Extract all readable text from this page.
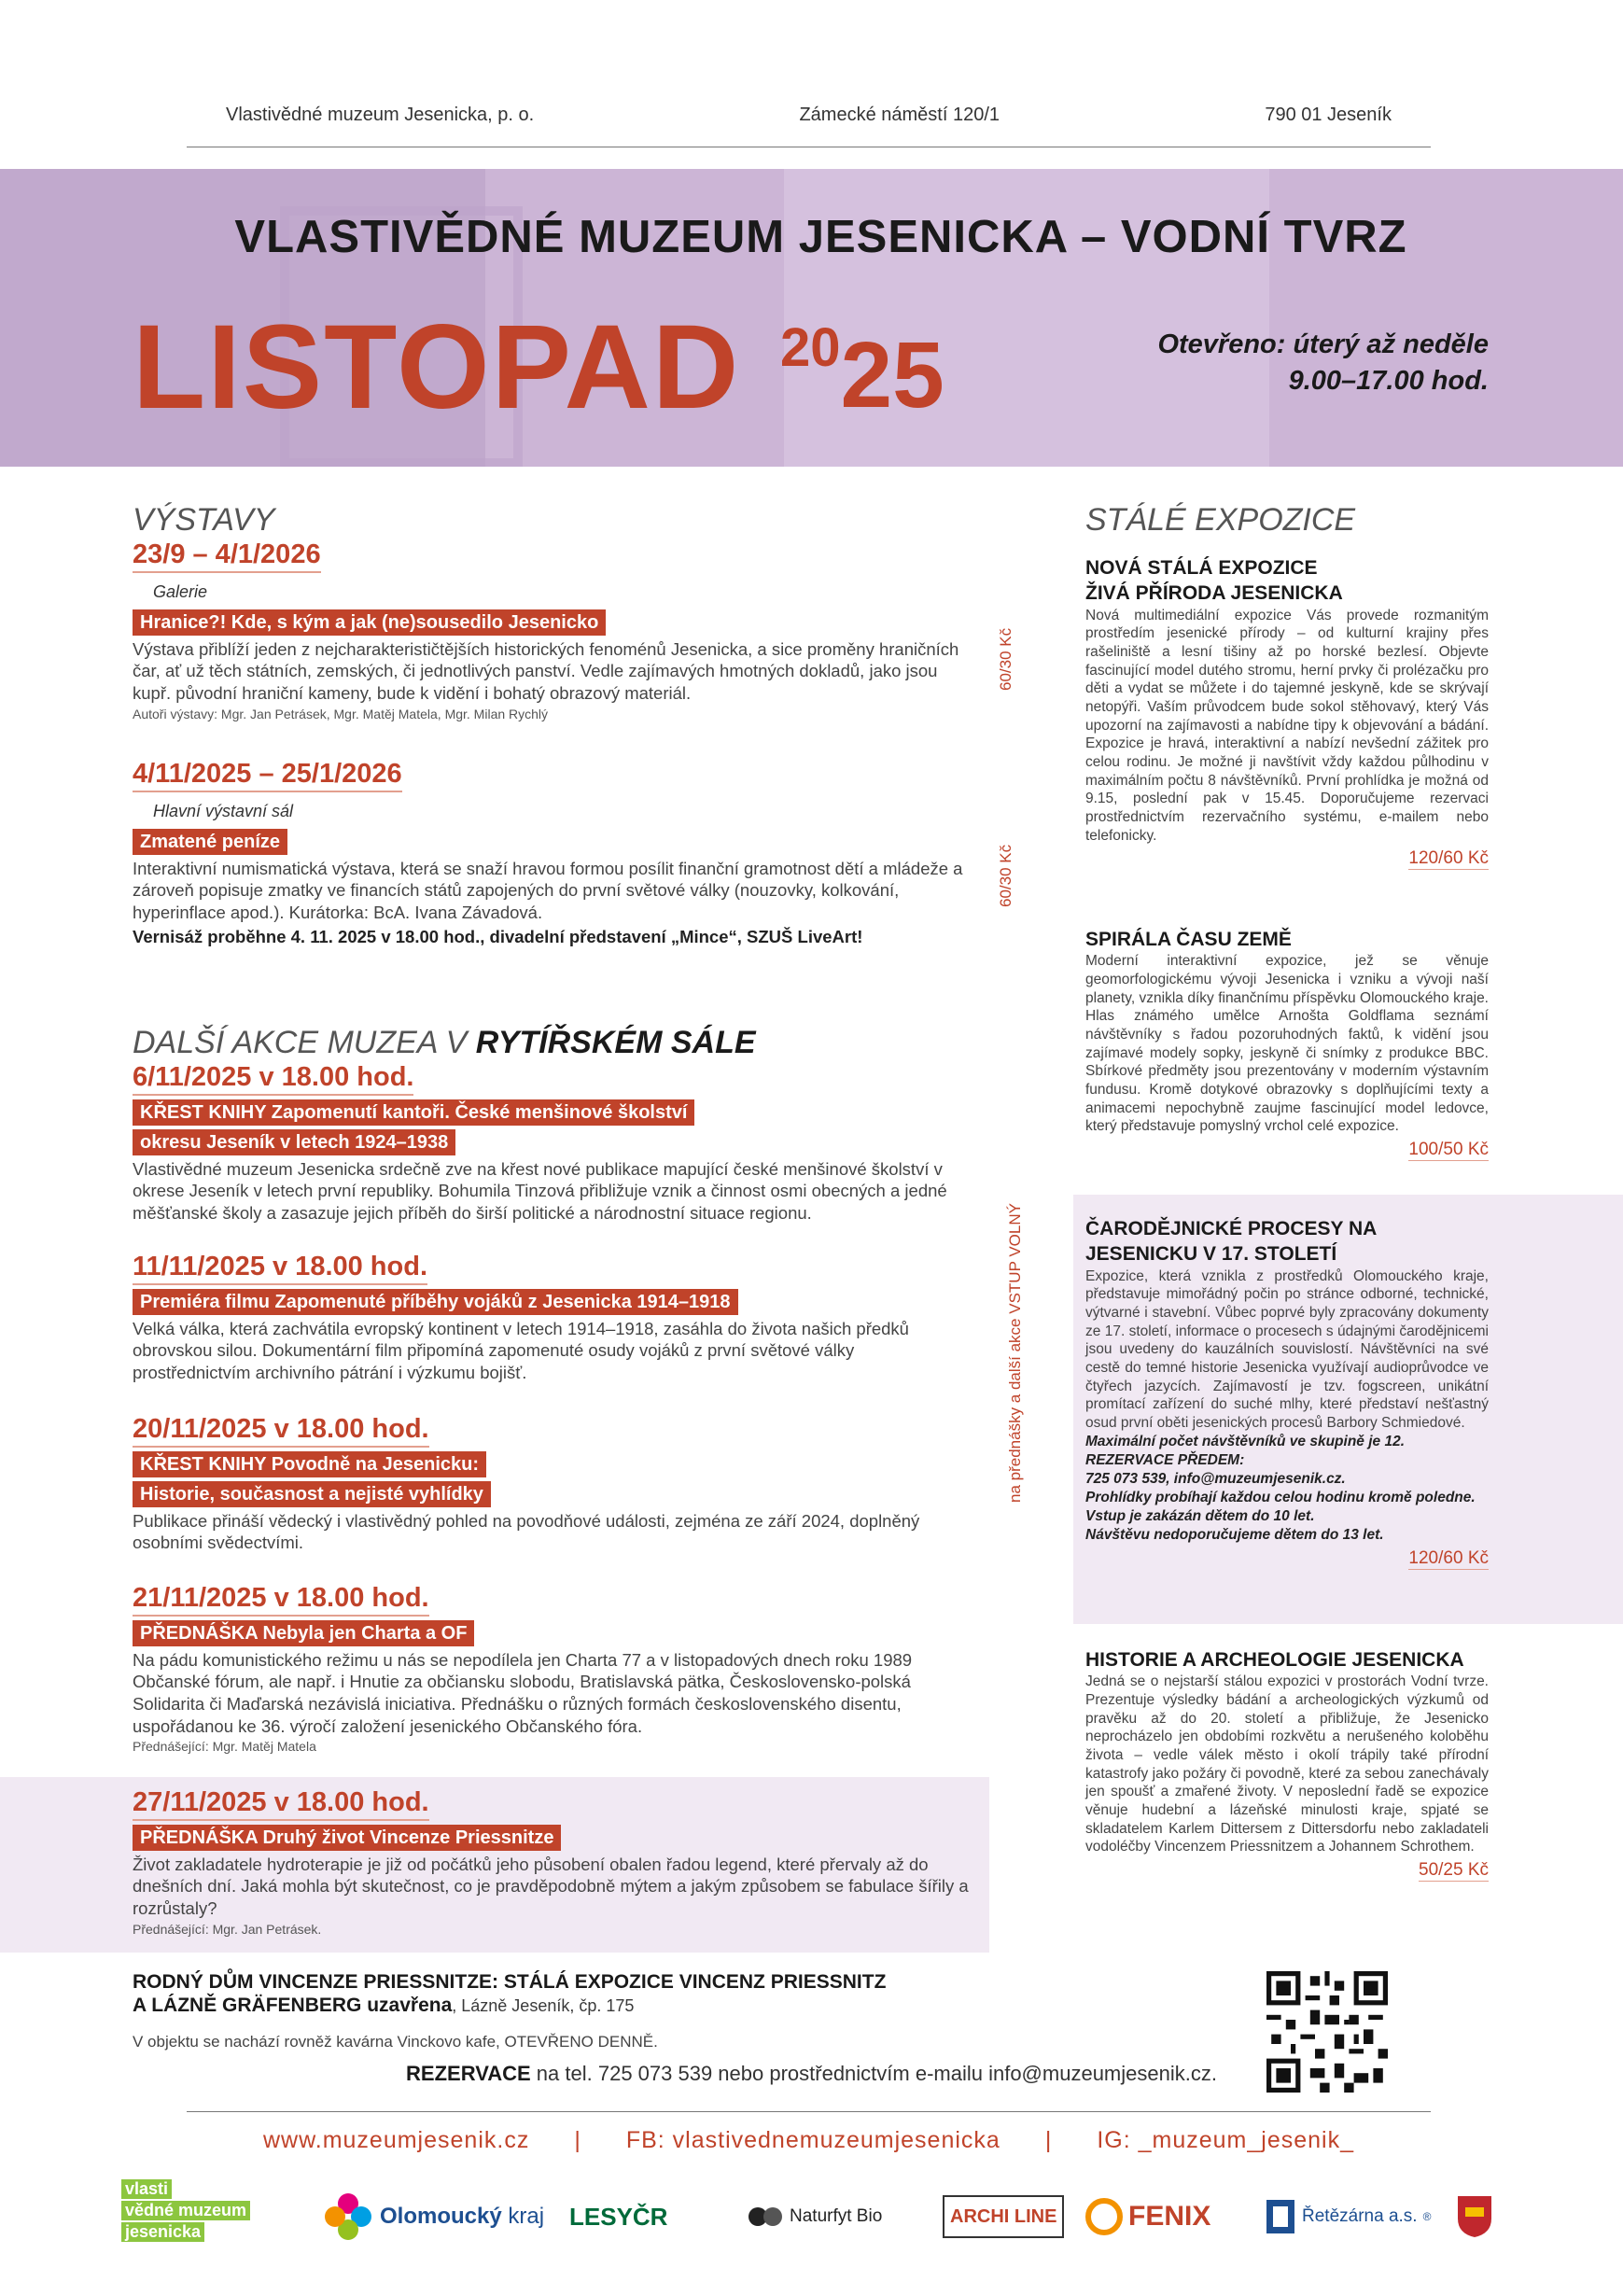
Vlastivědné muzeum Jesenicka, p. o.	Zámecké náměstí 120/1	790 01 Jeseník
VLASTIVĚDNÉ MUZEUM JESENICKA – VODNÍ TVRZ
LISTOPAD $^{20}$25	Otevřeno: úterý až neděle
9.00–17.00 hod.
VÝSTAVY
23/9 – 4/1/2026
Galerie
Hranice?! Kde, s kým a jak (ne)sousedilo Jesenicko
Výstava přiblíží jeden z nejcharakterističtějších historických fenoménů Jesenicka, a sice proměny hraničních čar, ať už těch státních, zemských, či jednotlivých panství. Vedle zajímavých hmotných dokladů, jako jsou kupř. původní hraniční kameny, bude k vidění i bohatý obrazový materiál.
Autoři výstavy: Mgr. Jan Petrásek, Mgr. Matěj Matela, Mgr. Milan Rychlý
60/30 Kč
4/11/2025 – 25/1/2026
Hlavní výstavní sál
Zmatené peníze
Interaktivní numismatická výstava, která se snaží hravou formou posílit finanční gramotnost dětí a mládeže a zároveň popisuje zmatky ve financích států zapojených do první světové války (nouzovky, kolkování, hyperinflace apod.). Kurátorka: BcA. Ivana Závadová.
Vernisáž proběhne 4. 11. 2025 v 18.00 hod., divadelní představení „Mince“, SZUŠ LiveArt!
60/30 Kč
DALŠÍ AKCE MUZEA V RYTÍŘSKÉM SÁLE
6/11/2025 v 18.00 hod.
KŘEST KNIHY Zapomenutí kantoři. České menšinové školství
okresu Jeseník v letech 1924–1938
Vlastivědné muzeum Jesenicka srdečně zve na křest nové publikace mapující české menšinové školství v okrese Jeseník v letech první republiky. Bohumila Tinzová přibližuje vznik a činnost osmi obecných a jedné měšťanské školy a zasazuje jejich příběh do širší politické a národnostní situace regionu.
11/11/2025 v 18.00 hod.
Premiéra filmu Zapomenuté příběhy vojáků z Jesenicka 1914–1918
Velká válka, která zachvátila evropský kontinent v letech 1914–1918, zasáhla do života našich předků obrovskou silou. Dokumentární film připomíná zapomenuté osudy vojáků z první světové války prostřednictvím archivního pátrání i výzkumu bojišť.
20/11/2025 v 18.00 hod.
KŘEST KNIHY Povodně na Jesenicku:
Historie, současnost a nejisté vyhlídky
Publikace přináší vědecký i vlastivědný pohled na povodňové události, zejména ze září 2024, doplněný osobními svědectvími.
21/11/2025 v 18.00 hod.
PŘEDNÁŠKA Nebyla jen Charta a OF
Na pádu komunistického režimu u nás se nepodílela jen Charta 77 a v listopadových dnech roku 1989 Občanské fórum, ale např. i Hnutie za občiansku slobodu, Bratislavská pätka, Československo-polská Solidarita či Maďarská nezávislá iniciativa. Přednášku o různých formách československého disentu, uspořádanou ke 36. výročí založení jesenického Občanského fóra.
Přednášející: Mgr. Matěj Matela
27/11/2025 v 18.00 hod.
PŘEDNÁŠKA Druhý život Vincenze Priessnitze
Život zakladatele hydroterapie je již od počátků jeho působení obalen řadou legend, které přervaly až do dnešních dní. Jaká mohla být skutečnost, co je pravděpodobně mýtem a jakým způsobem se fabulace šířily a rozrůstaly?
Přednášející: Mgr. Jan Petrásek.
na přednášky a další akce VSTUP VOLNÝ
STÁLÉ EXPOZICE
NOVÁ STÁLÁ EXPOZICE
ŽIVÁ PŘÍRODA JESENICKA
Nová multimediální expozice Vás provede rozmanitým prostředím jesenické přírody – od kulturní krajiny přes rašeliniště a lesní tišiny až po horské bezlesí. Objevte fascinující model dutého stromu, herní prvky či prolézačku pro děti a vydat se můžete i do tajemné jeskyně, kde se skrývají netopýři. Vaším průvodcem bude sokol stěhovavý, který Vás upozorní na zajímavosti a nabídne tipy k objevování a bádání. Expozice je hravá, interaktivní a nabízí nevšední zážitek pro celou rodinu. Je možné ji navštívit vždy každou půlhodinu v maximálním počtu 8 návštěvníků. První prohlídka je možná od 9.15, poslední pak v 15.45. Doporučujeme rezervaci prostřednictvím rezervačního systému, e-mailem nebo telefonicky.
120/60 Kč
SPIRÁLA ČASU ZEMĚ
Moderní interaktivní expozice, jež se věnuje geomorfologickému vývoji Jesenicka i vzniku a vývoji naší planety, vznikla díky finančnímu příspěvku Olomouckého kraje. Hlas známého umělce Arnošta Goldflama seznámí návštěvníky s řadou pozoruhodných faktů, k vidění jsou zajímavé modely sopky, jeskyně či snímky z produkce BBC. Sbírkové předměty jsou prezentovány v moderním výstavním fundusu. Kromě dotykové obrazovky s doplňujícími texty a animacemi nepochybně zaujme fascinující model ledovce, který představuje pomyslný vrchol celé expozice.
100/50 Kč
ČARODĚJNICKÉ PROCESY NA
JESENICKU V 17. STOLETÍ
Expozice, která vznikla z prostředků Olomouckého kraje, představuje mimořádný počin po stránce odborné, technické, výtvarné i stavební. Vůbec poprvé byly zpracovány dokumenty ze 17. století, informace o procesech s údajnými čarodějnicemi jsou uvedeny do kauzálních souvislostí. Návštěvníci na své cestě do temné historie Jesenicka využívají audioprůvodce ve čtyřech jazycích. Zajímavostí je tzv. fogscreen, unikátní promítací zařízení do suché mlhy, které představí nešťastný osud první oběti jesenických procesů Barbory Schmiedové.
Maximální počet návštěvníků ve skupině je 12.
REZERVACE PŘEDEM:
725 073 539, info@muzeumjesenik.cz.
Prohlídky probíhají každou celou hodinu kromě poledne.
Vstup je zakázán dětem do 10 let.
Návštěvu nedoporučujeme dětem do 13 let.
120/60 Kč
HISTORIE A ARCHEOLOGIE JESENICKA
Jedná se o nejstarší stálou expozici v prostorách Vodní tvrze. Prezentuje výsledky bádání a archeologických výzkumů od pravěku až do 20. století a přibližuje, že Jesenicko neprocházelo jen obdobími rozkvětu a nerušeného koloběhu života – vedle válek město i okolí trápily také přírodní katastrofy jako požáry či povodně, které za sebou zanechávaly jen spoušť a zmařené životy. V neposlední řadě se expozice věnuje hudební a lázeňské minulosti kraje, spjaté se skladatelem Karlem Dittersem z Dittersdorfu nebo zakladateli vodoléčby Vincenzem Priessnitzem a Johannem Schrothem.
50/25 Kč
RODNÝ DŮM VINCENZE PRIESSNITZE: STÁLÁ EXPOZICE VINCENZ PRIESSNITZ
A LÁZNĚ GRÄFENBERG uzavřena, Lázně Jeseník, čp. 175
V objektu se nachází rovněž kavárna Vinckovo kafe, OTEVŘENO DENNĚ.
REZERVACE na tel. 725 073 539 nebo prostřednictvím e-mailu info@muzeumjesenik.cz.
www.muzeumjesenik.cz | FB: vlastivednemuzeumjesenicka | IG: _muzeum_jesenik_
vlasti
vědné muzeum
jesenicka
Olomoucký kraj LESYČR	Naturfyt Bio	ARCHI LINE	FENIX	Řetězárna a.s. ®
